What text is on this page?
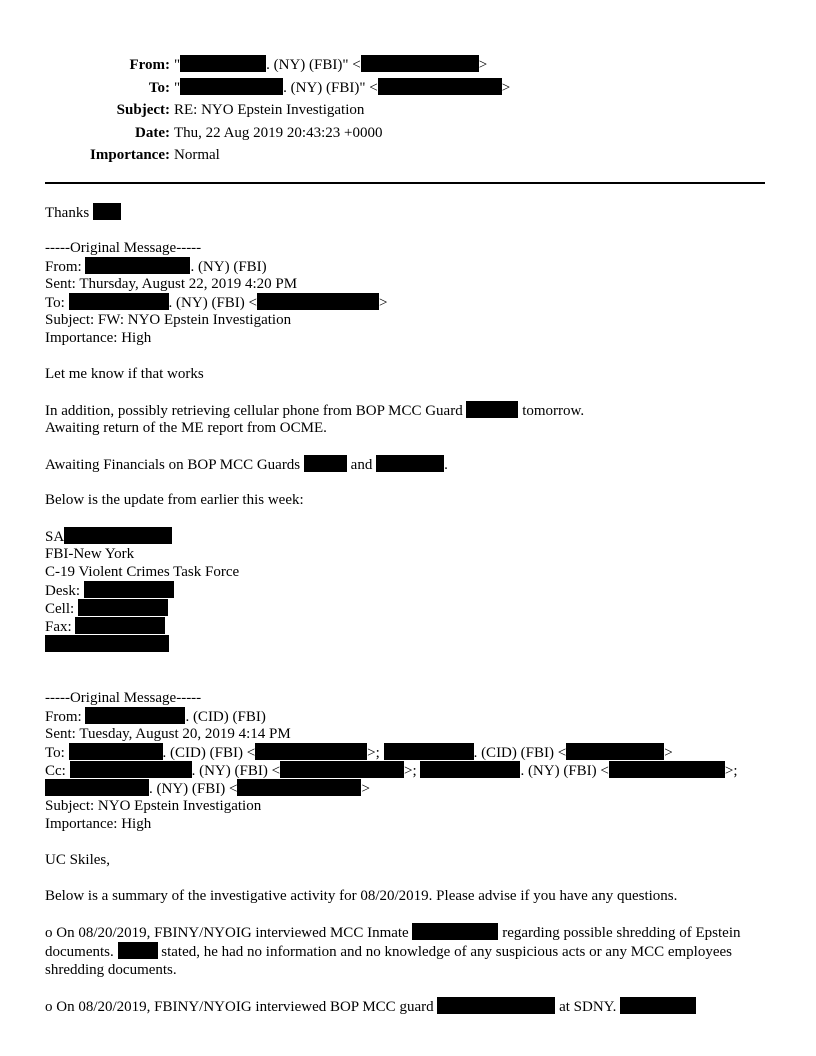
From: "	. (NY) (FBI)" <	>
To: "	. (NY) (FBI)" <	>
Subject: RE: NYO Epstein Investigation
Date: Thu, 22 Aug 2019 20:43:23 +0000
Importance: Normal
Thanks
-----Original Message-----
From:	. (NY) (FBI)
Sent: Thursday, August 22, 2019 4:20 PM
To:	. (NY) (FBI) <	>
Subject: FW: NYO Epstein Investigation
Importance: High
Let me know if that works
In addition, possibly retrieving cellular phone from BOP MCC Guard	tomorrow.
Awaiting return of the ME report from OCME.
Awaiting Financials on BOP MCC Guards	and	.
Below is the update from earlier this week:
SA
FBI-New York
C-19 Violent Crimes Task Force
Desk:
Cell:
Fax:
-----Original Message-----
From:	. (CID) (FBI)
Sent: Tuesday, August 20, 2019 4:14 PM
To:	. (CID) (FBI) <	>;	. (CID) (FBI) <	>
Cc:	. (NY) (FBI) <	>;	. (NY) (FBI) <	>;
. (NY) (FBI) <	>
Subject: NYO Epstein Investigation
Importance: High
UC Skiles,
Below is a summary of the investigative activity for 08/20/2019. Please advise if you have any questions.
o On 08/20/2019, FBINY/NYOIG interviewed MCC Inmate	regarding possible shredding of Epstein documents.	stated, he had no information and no knowledge of any suspicious acts or any MCC employees shredding documents.
o On 08/20/2019, FBINY/NYOIG interviewed BOP MCC guard	at SDNY.
